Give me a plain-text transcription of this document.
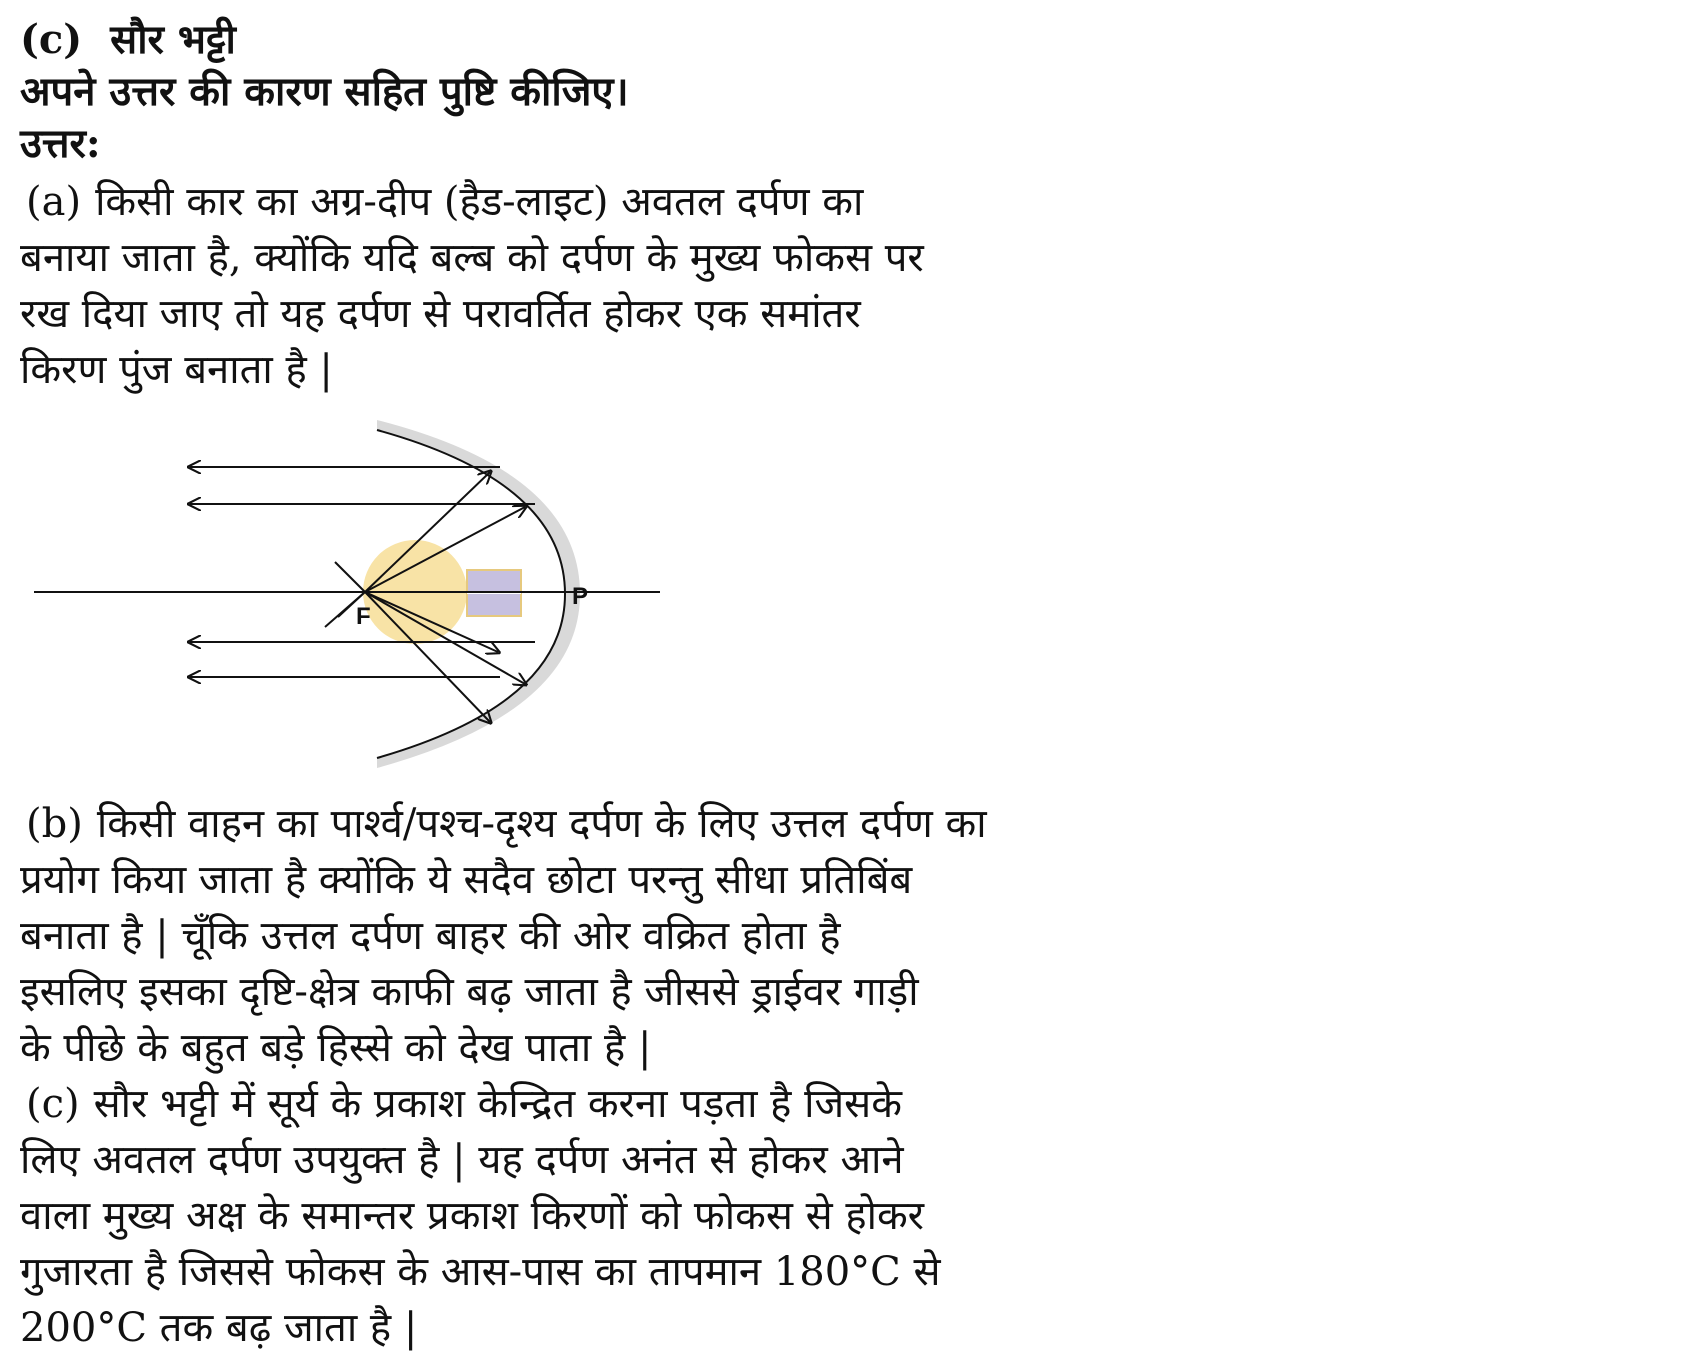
(c) सौर भट्टी

अपने उत्तर की कारण सहित पुष्टि कीजिए।

उत्तर:

(a) किसी कार का अग्र-दीप (हैड-लाइट) अवतल दर्पण का

बनाया जाता है, क्योंकि यदि बल्ब को दर्पण के मुख्य फोकस पर

रख दिया जाए तो यह दर्पण से परावर्तित होकर एक समांतर

किरण पुंज बनाता है |

F
P

(b) किसी वाहन का पार्श्व/पश्च-दृश्य दर्पण के लिए उत्तल दर्पण का

प्रयोग किया जाता है क्योंकि ये सदैव छोटा परन्तु सीधा प्रतिबिंब

बनाता है | चूँकि उत्तल दर्पण बाहर की ओर वक्रित होता है

इसलिए इसका दृष्टि-क्षेत्र काफी बढ़ जाता है जीससे ड्राईवर गाड़ी

के पीछे के बहुत बड़े हिस्से को देख पाता है |

(c) सौर भट्टी में सूर्य के प्रकाश केन्द्रित करना पड़ता है जिसके

लिए अवतल दर्पण उपयुक्त है | यह दर्पण अनंत से होकर आने

वाला मुख्य अक्ष के समान्तर प्रकाश किरणों को फोकस से होकर

गुजारता है जिससे फोकस के आस-पास का तापमान 180°C से

200°C तक बढ़ जाता है |
